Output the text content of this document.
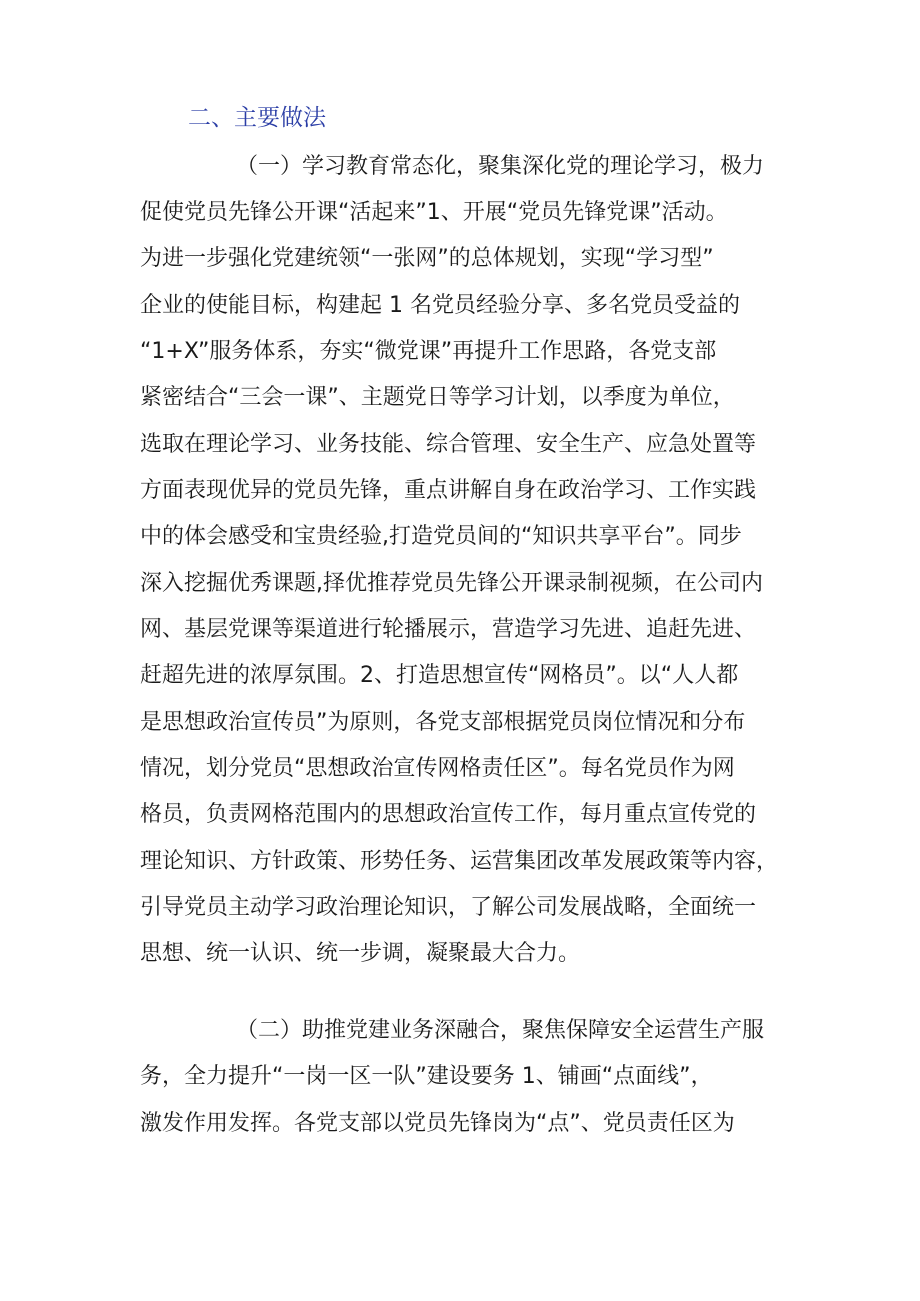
二、主要做法
（一）学习教育常态化，聚集深化党的理论学习，极力
促使党员先锋公开课“活起来”1、开展“党员先锋党课”活动。
为进一步强化党建统领“一张网”的总体规划，实现“学习型”
企业的使能目标，构建起 1 名党员经验分享、多名党员受益的
“1+X”服务体系，夯实“微党课”再提升工作思路，各党支部
紧密结合“三会一课”、主题党日等学习计划，以季度为单位，
选取在理论学习、业务技能、综合管理、安全生产、应急处置等
方面表现优异的党员先锋，重点讲解自身在政治学习、工作实践
中的体会感受和宝贵经验,打造党员间的“知识共享平台”。同步
深入挖掘优秀课题,择优推荐党员先锋公开课录制视频，在公司内
网、基层党课等渠道进行轮播展示，营造学习先进、追赶先进、
赶超先进的浓厚氛围。2、打造思想宣传“网格员”。以“人人都
是思想政治宣传员”为原则，各党支部根据党员岗位情况和分布
情况，划分党员“思想政治宣传网格责任区”。每名党员作为网
格员，负责网格范围内的思想政治宣传工作，每月重点宣传党的
理论知识、方针政策、形势任务、运营集团改革发展政策等内容，
引导党员主动学习政治理论知识，了解公司发展战略，全面统一
思想、统一认识、统一步调，凝聚最大合力。
（二）助推党建业务深融合，聚焦保障安全运营生产服
务，全力提升“一岗一区一队”建设要务 1、铺画“点面线”，
激发作用发挥。各党支部以党员先锋岗为“点”、党员责任区为
